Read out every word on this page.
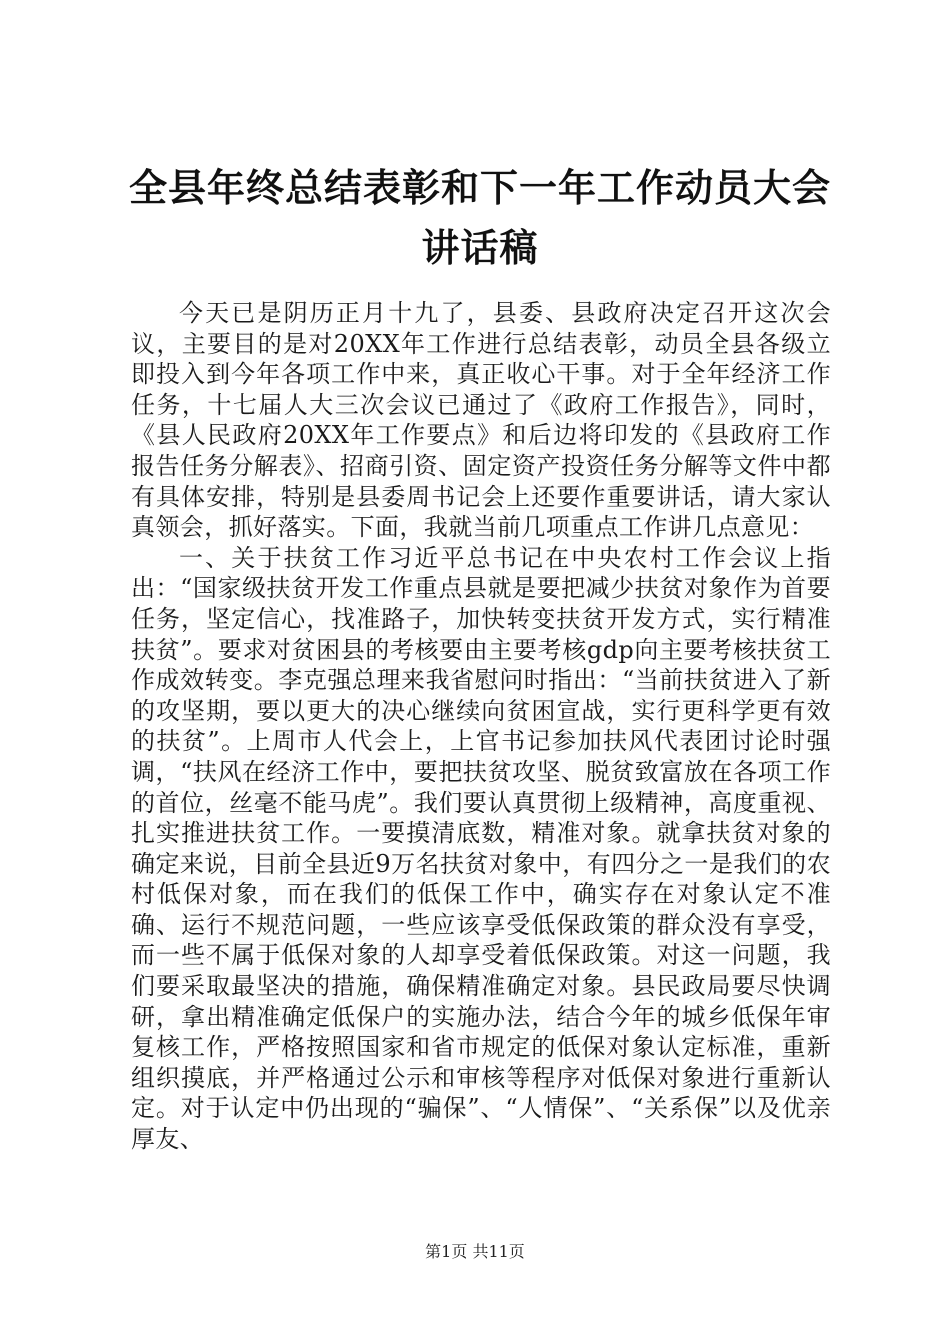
全县年终总结表彰和下一年工作动员大会讲话稿

今天已是阴历正月十九了，县委、县政府决定召开这次会议，主要目的是对20XX年工作进行总结表彰，动员全县各级立即投入到今年各项工作中来，真正收心干事。对于全年经济工作任务，十七届人大三次会议已通过了《政府工作报告》，同时，《县人民政府20XX年工作要点》和后边将印发的《县政府工作报告任务分解表》、招商引资、固定资产投资任务分解等文件中都有具体安排，特别是县委周书记会上还要作重要讲话，请大家认真领会，抓好落实。下面，我就当前几项重点工作讲几点意见：

一、关于扶贫工作习近平总书记在中央农村工作会议上指出：“国家级扶贫开发工作重点县就是要把减少扶贫对象作为首要任务，坚定信心，找准路子，加快转变扶贫开发方式，实行精准扶贫”。要求对贫困县的考核要由主要考核gdp向主要考核扶贫工作成效转变。李克强总理来我省慰问时指出：“当前扶贫进入了新的攻坚期，要以更大的决心继续向贫困宣战，实行更科学更有效的扶贫”。上周市人代会上，上官书记参加扶风代表团讨论时强调，“扶风在经济工作中，要把扶贫攻坚、脱贫致富放在各项工作的首位，丝毫不能马虎”。我们要认真贯彻上级精神，高度重视、扎实推进扶贫工作。一要摸清底数，精准对象。就拿扶贫对象的确定来说，目前全县近9万名扶贫对象中，有四分之一是我们的农村低保对象，而在我们的低保工作中，确实存在对象认定不准确、运行不规范问题，一些应该享受低保政策的群众没有享受，而一些不属于低保对象的人却享受着低保政策。对这一问题，我们要采取最坚决的措施，确保精准确定对象。县民政局要尽快调研，拿出精准确定低保户的实施办法，结合今年的城乡低保年审复核工作，严格按照国家和省市规定的低保对象认定标准，重新组织摸底，并严格通过公示和审核等程序对低保对象进行重新认定。对于认定中仍出现的“骗保”、“人情保”、“关系保”以及优亲厚友、

第1页 共11页
